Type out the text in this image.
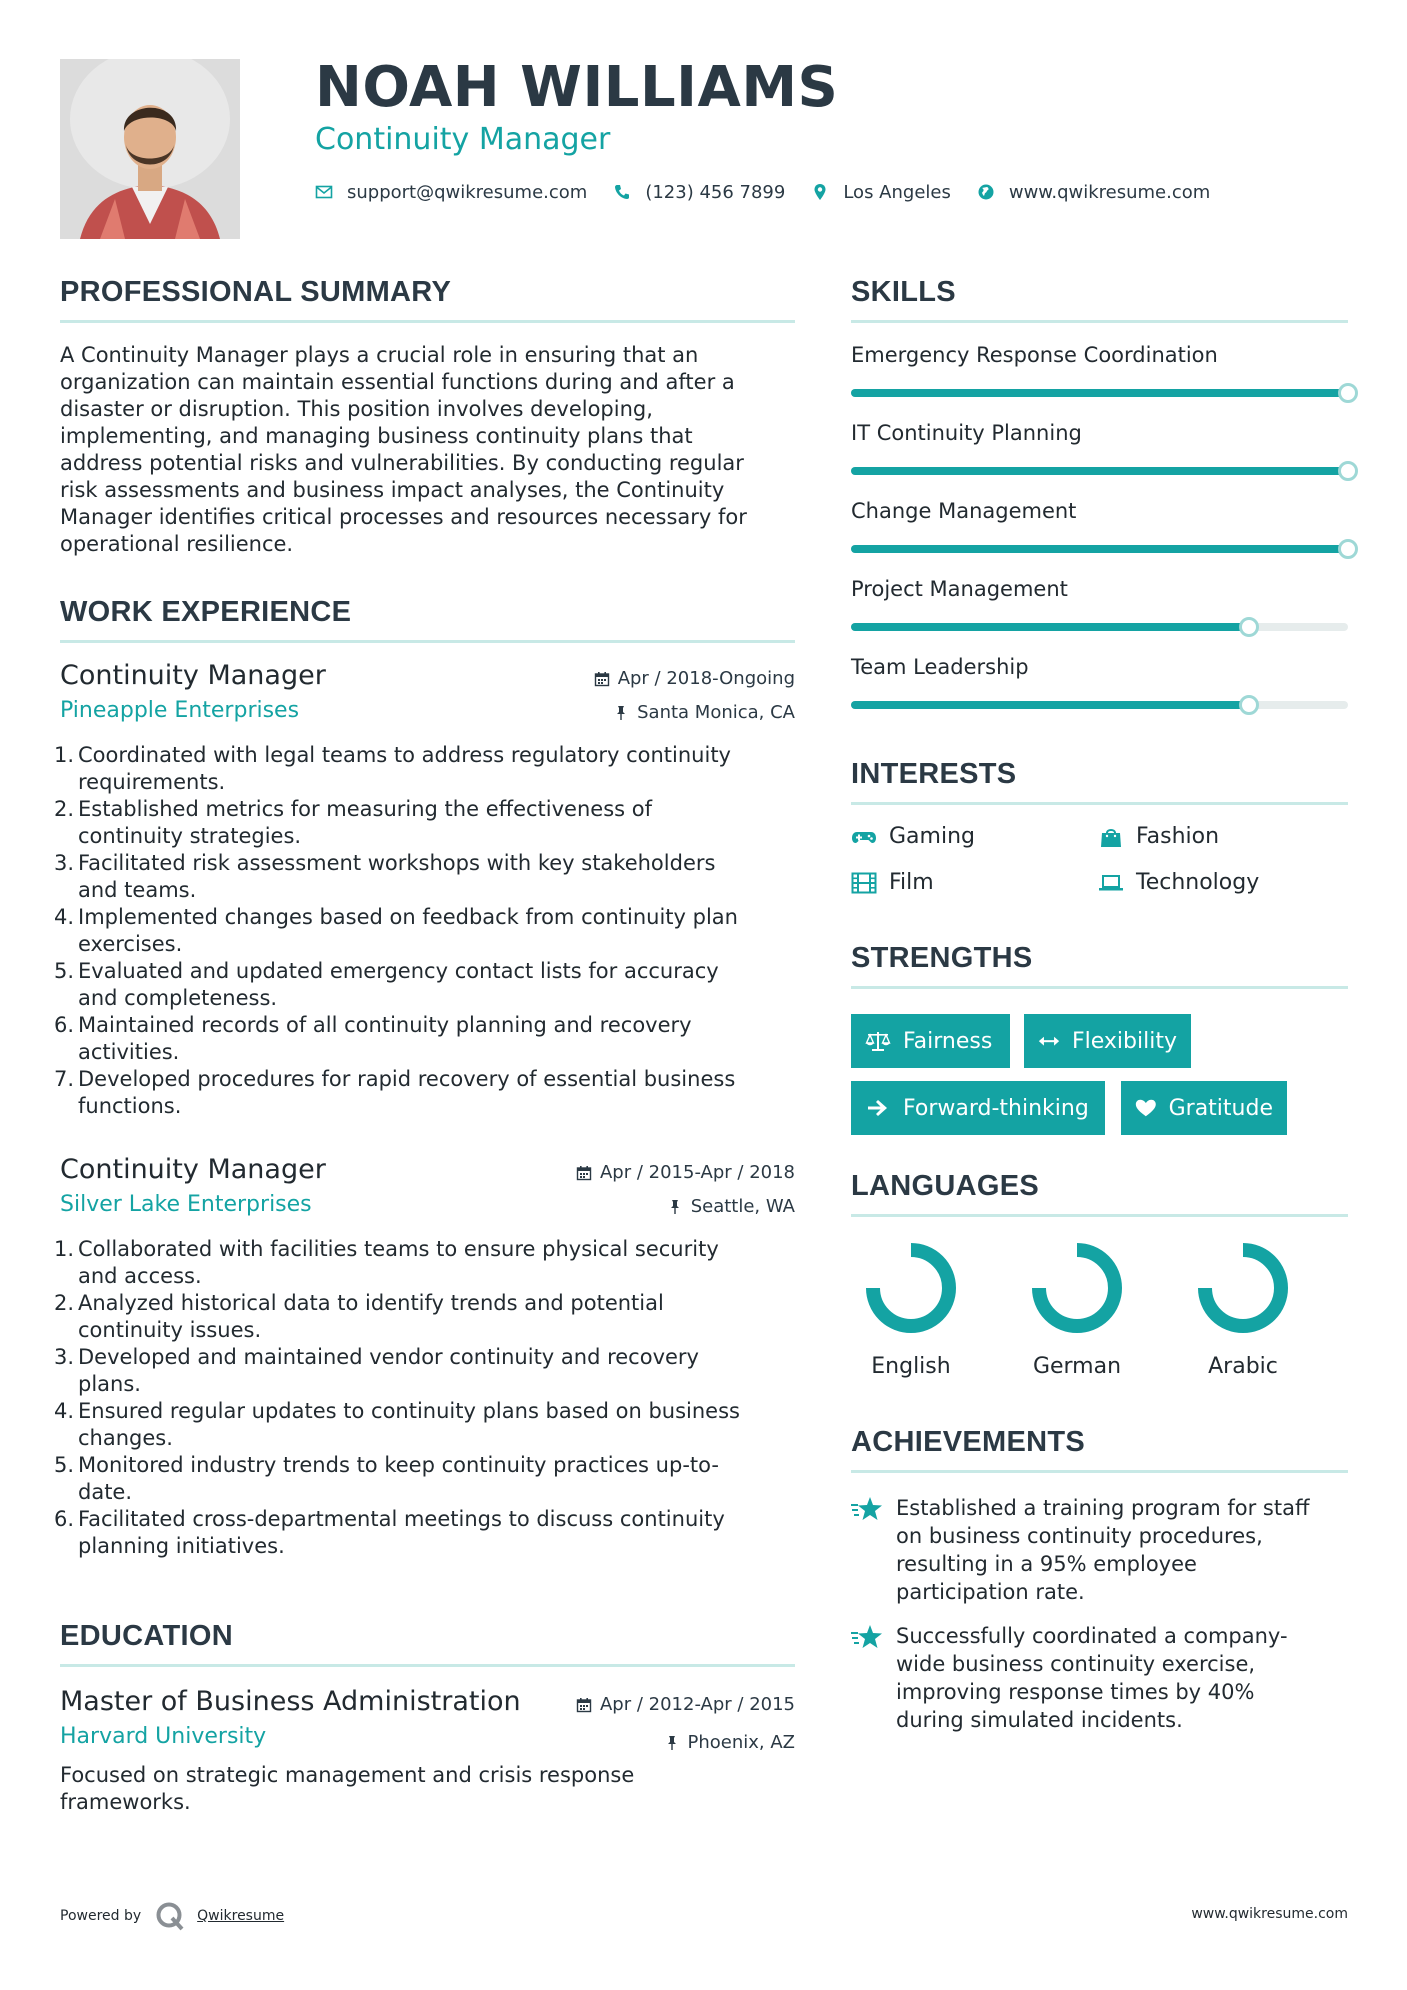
NOAH WILLIAMS
Continuity Manager
support@qwikresume.com	(123) 456 7899	Los Angeles	www.qwikresume.com
PROFESSIONAL SUMMARY
A Continuity Manager plays a crucial role in ensuring that an
organization can maintain essential functions during and after a
disaster or disruption. This position involves developing,
implementing, and managing business continuity plans that
address potential risks and vulnerabilities. By conducting regular
risk assessments and business impact analyses, the Continuity
Manager identifies critical processes and resources necessary for
operational resilience.
WORK EXPERIENCE
Continuity Manager
Pineapple Enterprises
Apr / 2018-Ongoing
Santa Monica, CA
1. Coordinated with legal teams to address regulatory continuity
requirements.
2. Established metrics for measuring the effectiveness of
continuity strategies.
3. Facilitated risk assessment workshops with key stakeholders
and teams.
4. Implemented changes based on feedback from continuity plan
exercises.
5. Evaluated and updated emergency contact lists for accuracy
and completeness.
6. Maintained records of all continuity planning and recovery
activities.
7. Developed procedures for rapid recovery of essential business
functions.
Continuity Manager
Silver Lake Enterprises
Apr / 2015-Apr / 2018
Seattle, WA
1. Collaborated with facilities teams to ensure physical security
and access.
2. Analyzed historical data to identify trends and potential
continuity issues.
3. Developed and maintained vendor continuity and recovery
plans.
4. Ensured regular updates to continuity plans based on business
changes.
5. Monitored industry trends to keep continuity practices up-to-
date.
6. Facilitated cross-departmental meetings to discuss continuity
planning initiatives.
EDUCATION
Master of Business Administration
Harvard University
Apr / 2012-Apr / 2015
Phoenix, AZ
Focused on strategic management and crisis response
frameworks.
SKILLS
Emergency Response Coordination
IT Continuity Planning
Change Management
Project Management
Team Leadership
INTERESTS
Gaming	Fashion
Film	Technology
STRENGTHS
Fairness	Flexibility
Forward-thinking	Gratitude
LANGUAGES
English	German	Arabic
ACHIEVEMENTS
Established a training program for staff
on business continuity procedures,
resulting in a 95% employee
participation rate.
Successfully coordinated a company-
wide business continuity exercise,
improving response times by 40%
during simulated incidents.
Powered by	Qwikresume	www.qwikresume.com
